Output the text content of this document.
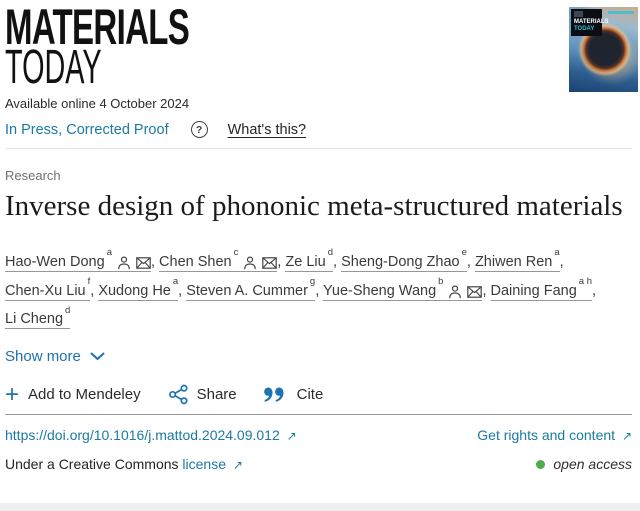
MATERIALS
TODAY
MATERIALS
TODAY
Available online 4 October 2024
In Press, Corrected Proof	?	What's this?
Research
Inverse design of phononic meta-structured materials
Hao-Wen Dong$^a$, Chen Shen$^c$, Ze Liu$^d$, Sheng-Dong Zhao$^e$, Zhiwen Ren$^a$, Chen-Xu Liu$^f$, Xudong He$^a$, Steven A. Cummer$^g$, Yue-Sheng Wang$^b$, Daining Fang$^{a h}$, Li Cheng$^d$
Show more
+ Add to Mendeley	Share	Cite
https://doi.org/10.1016/j.mattod.2024.09.012 ↗	Get rights and content ↗
Under a Creative Commons license ↗	open access
